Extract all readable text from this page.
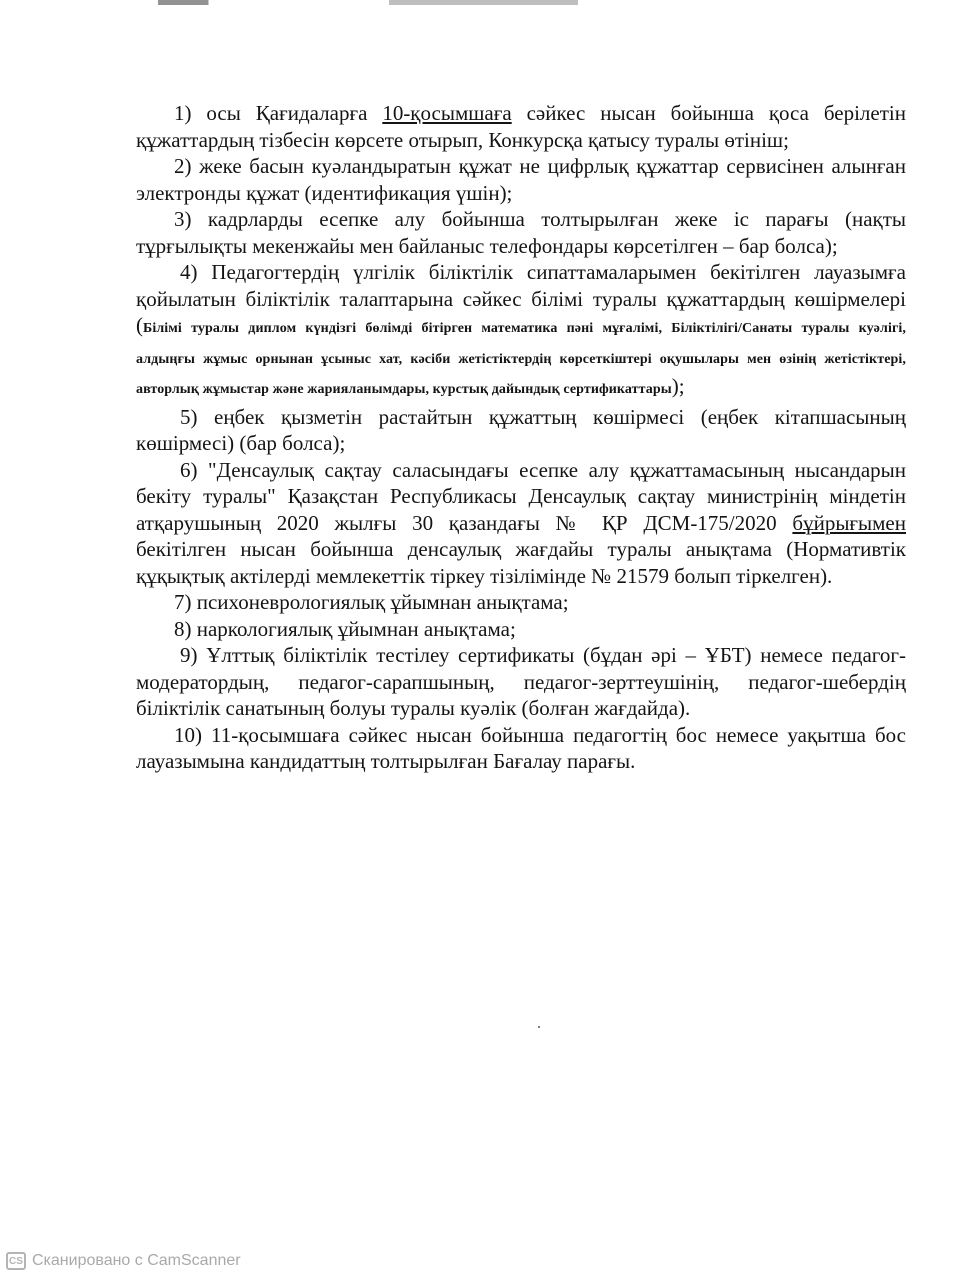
1) осы Қағидаларға 10-қосымшаға сәйкес нысан бойынша қоса берілетін құжаттардың тізбесін көрсете отырып, Конкурсқа қатысу туралы өтініш;

2) жеке басын куәландыратын құжат не цифрлық құжаттар сервисінен алынған электронды құжат (идентификация үшін);

3) кадрларды есепке алу бойынша толтырылған жеке іс парағы (нақты тұрғылықты мекенжайы мен байланыс телефондары көрсетілген – бар болса);

4) Педагогтердің үлгілік біліктілік сипаттамаларымен бекітілген лауазымға қойылатын біліктілік талаптарына сәйкес білімі туралы құжаттардың көшірмелері (Білімі туралы диплом күндізгі бөлімді бітірген математика пәні мұғалімі, Біліктілігі/Санаты туралы куәлігі, алдыңғы жұмыс орнынан ұсыныс хат, кәсіби жетістіктердің көрсеткіштері оқушылары мен өзінің жетістіктері, авторлық жұмыстар және жарияланымдары, курстық дайындық сертификаттары);

5) еңбек қызметін растайтын құжаттың көшірмесі (еңбек кітапшасының көшірмесі) (бар болса);

6) "Денсаулық сақтау саласындағы есепке алу құжаттамасының нысандарын бекіту туралы" Қазақстан Республикасы Денсаулық сақтау министрінің міндетін атқарушының 2020 жылғы 30 қазандағы № ҚР ДСМ-175/2020 бұйрығымен бекітілген нысан бойынша денсаулық жағдайы туралы анықтама (Нормативтік құқықтық актілерді мемлекеттік тіркеу тізілімінде № 21579 болып тіркелген).

7) психоневрологиялық ұйымнан анықтама;

8) наркологиялық ұйымнан анықтама;

9) Ұлттық біліктілік тестілеу сертификаты (бұдан әрі – ҰБТ) немесе педагог-модератордың, педагог-сарапшының, педагог-зерттеушінің, педагог-шебердің біліктілік санатының болуы туралы куәлік (болған жағдайда).

10) 11-қосымшаға сәйкес нысан бойынша педагогтің бос немесе уақытша бос лауазымына кандидаттың толтырылған Бағалау парағы.

CS Сканировано с CamScanner
